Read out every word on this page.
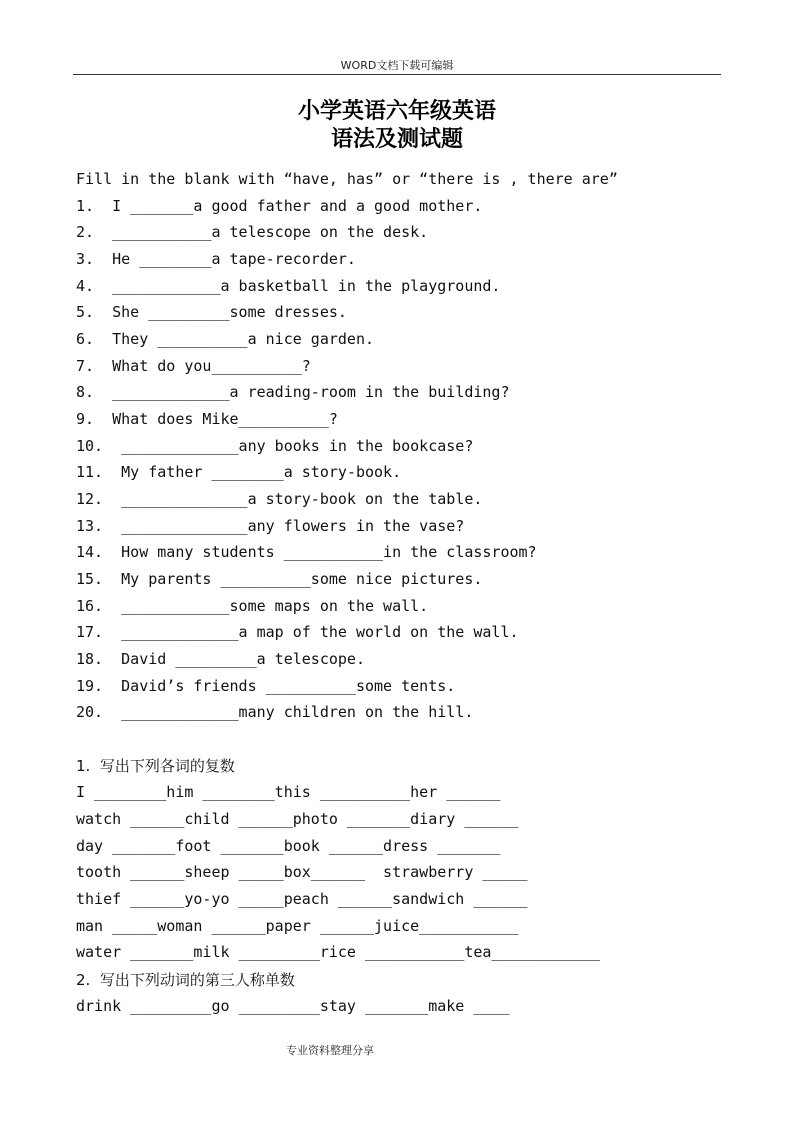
WORD文档下载可编辑
小学英语六年级英语
语法及测试题
Fill in the blank with “have, has” or “there is , there are”
1.  I _______a good father and a good mother.
2.  ___________a telescope on the desk.
3.  He ________a tape-recorder.
4.  ____________a basketball in the playground.
5.  She _________some dresses.
6.  They __________a nice garden.
7.  What do you__________?
8.  _____________a reading-room in the building?
9.  What does Mike__________?
10.  _____________any books in the bookcase?
11.  My father ________a story-book.
12.  ______________a story-book on the table.
13.  ______________any flowers in the vase?
14.  How many students ___________in the classroom?
15.  My parents __________some nice pictures.
16.  ____________some maps on the wall.
17.  _____________a map of the world on the wall.
18.  David _________a telescope.
19.  David’s friends __________some tents.
20.  _____________many children on the hill.
1.  写出下列各词的复数
I ________him ________this __________her ______
watch ______child ______photo _______diary ______
day _______foot _______book ______dress _______
tooth ______sheep _____box______  strawberry _____
thief ______yo-yo _____peach ______sandwich ______
man _____woman ______paper ______juice___________
water _______milk _________rice ___________tea____________
2.  写出下列动词的第三人称单数
drink _________go _________stay _______make ____
专业资料整理分享
